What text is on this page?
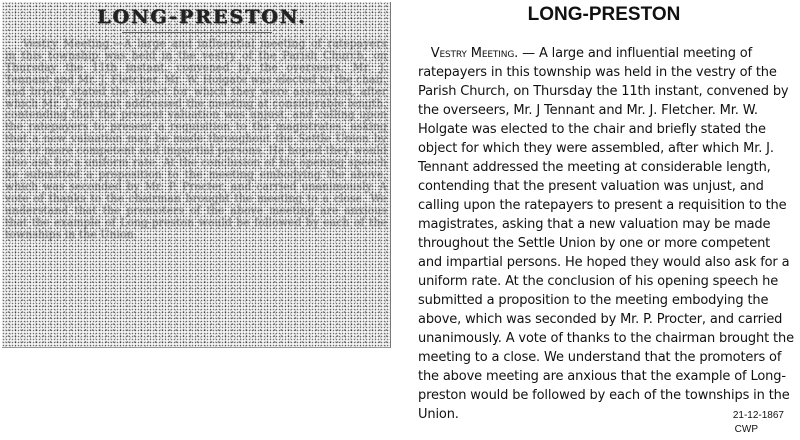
LONG-PRESTON.
Vestry Meeting.—A large and influential meeting of ratepayers in this township was held in the vestry of the Parish Church, on Thursday the 11th instant, convened by the overseers, Mr. J. Tennant and Mr. J. Fletcher. Mr. W. Holgate was elected to the chair, and briefly stated the object for which they were assembled, after which Mr. J. Tennant addressed the meeting at considerable length, contending that the present valuation was unjust, and calling upon the ratepayers to present a requisition to the magistrates, asking that a new valuation may be made throughout the Settle Union by one or more competent and impartial persons. He hoped they would also ask for a uniform rate. At the conclusion of his opening speech he submitted a proposition to the meeting embodying the above, which was seconded by Mr. P. Procter, and carried unanimously. A vote of thanks to the chairman brought the meeting to a close. We understand that the promoters of the above meeting are anxious that the example of Long-preston would be followed by each of the townships in the Union.
LONG-PRESTON
  Vestry Meeting. — A large and influential meeting of ratepayers in this township was held in the vestry of the Parish Church, on Thursday the 11th instant, convened by the overseers, Mr. J Tennant and Mr. J. Fletcher. Mr. W. Holgate was elected to the chair and briefly stated the object for which they were assembled, after which Mr. J. Tennant addressed the meeting at considerable length, contending that the present valuation was unjust, and calling upon the ratepayers to present a requisition to the magistrates, asking that a new valuation may be made throughout the Settle Union by one or more competent and impartial persons. He hoped they would also ask for a uniform rate. At the conclusion of his opening speech he submitted a proposition to the meeting embodying the above, which was seconded by Mr. P. Procter, and carried unanimously. A vote of thanks to the chairman brought the meeting to a close. We understand that the promoters of the above meeting are anxious that the example of Long-preston would be followed by each of the townships in the Union.	21-12-1867
CWP
